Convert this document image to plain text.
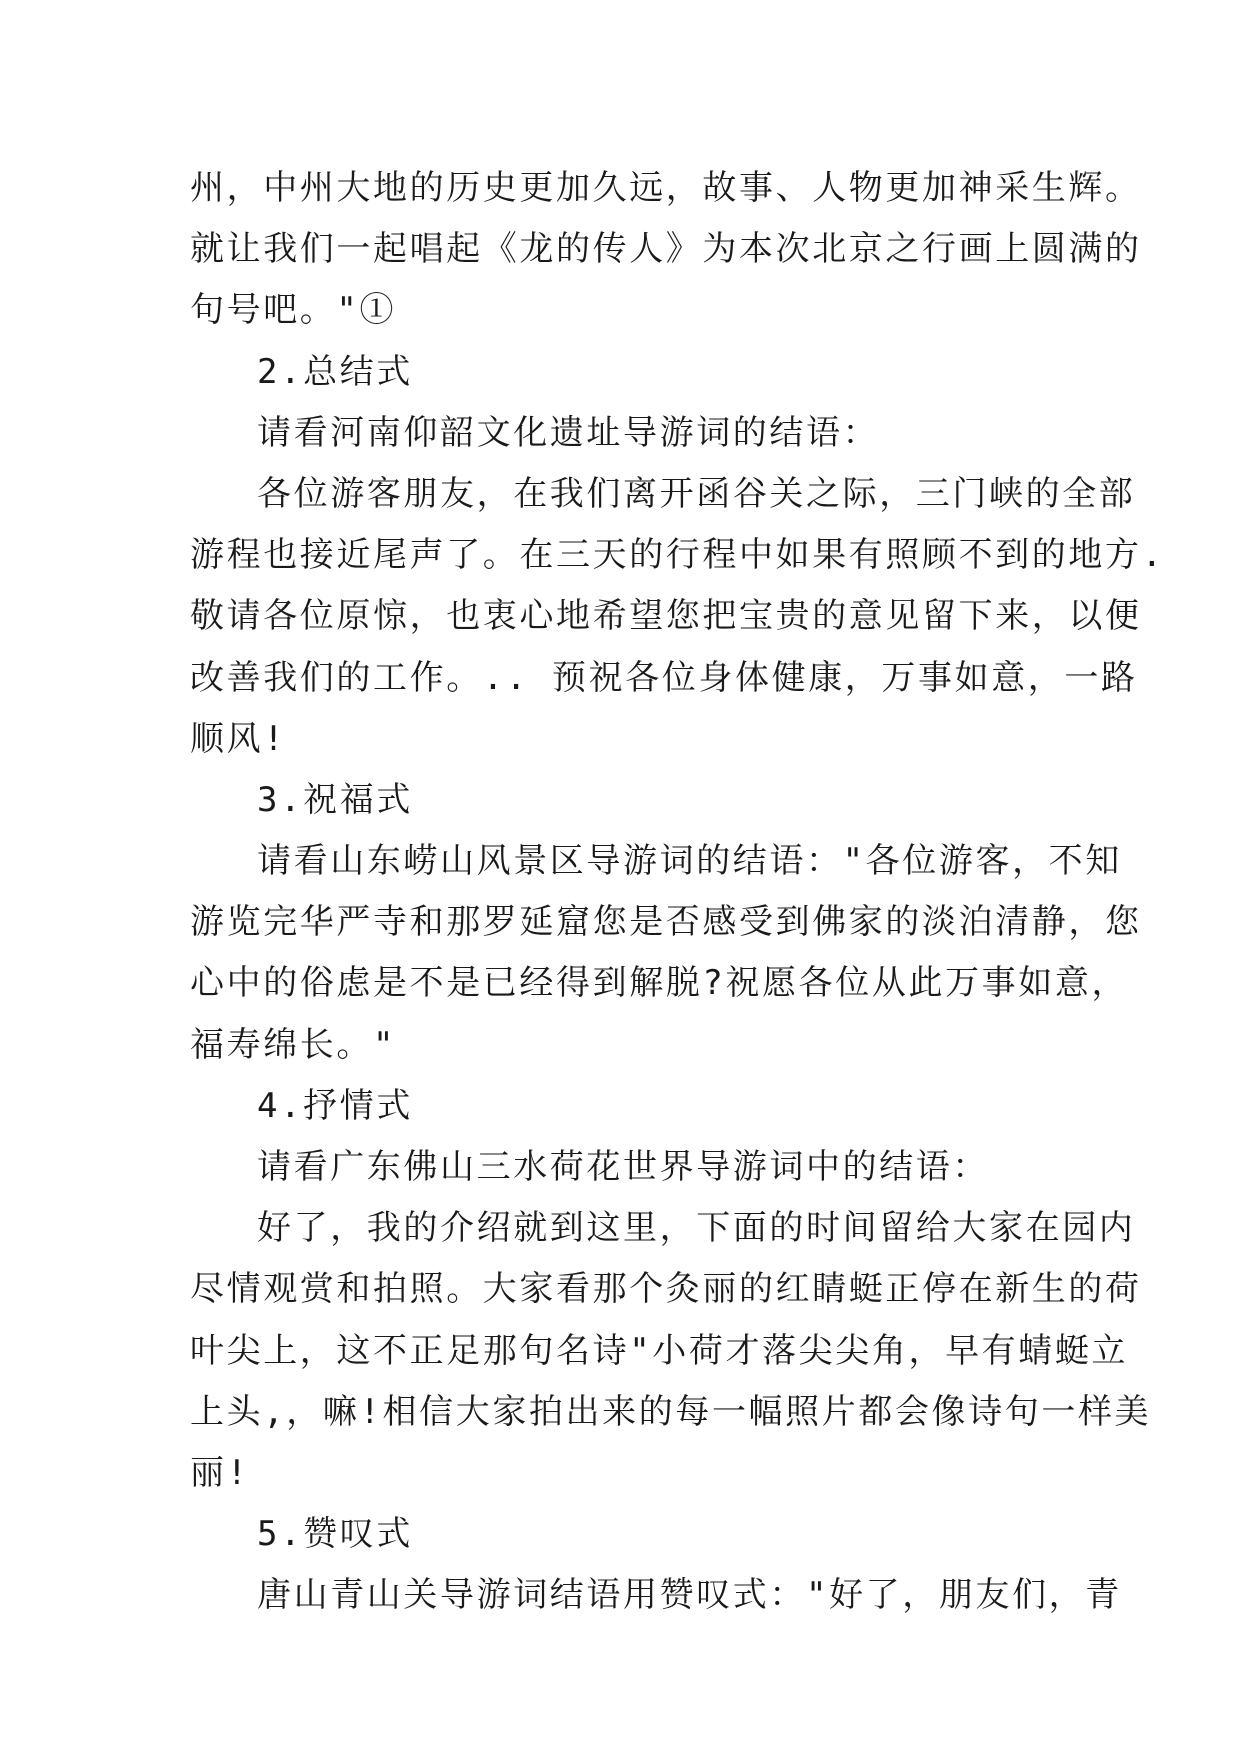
州，中州大地的历史更加久远，故事、人物更加神采生辉。
就让我们一起唱起《龙的传人》为本次北京之行画上圆满的
句号吧。"①
2.总结式
请看河南仰韶文化遗址导游词的结语：
各位游客朋友，在我们离开函谷关之际，三门峡的全部
游程也接近尾声了。在三天的行程中如果有照顾不到的地方.
敬请各位原惊，也衷心地希望您把宝贵的意见留下来，以便
改善我们的工作。.. 预祝各位身体健康，万事如意，一路
顺风!
3.祝福式
请看山东崂山风景区导游词的结语："各位游客，不知
游览完华严寺和那罗延窟您是否感受到佛家的淡泊清静，您
心中的俗虑是不是已经得到解脱?祝愿各位从此万事如意，
福寿绵长。"
4.抒情式
请看广东佛山三水荷花世界导游词中的结语：
好了，我的介绍就到这里，下面的时间留给大家在园内
尽情观赏和拍照。大家看那个灸丽的红睛蜓正停在新生的荷
叶尖上，这不正足那句名诗"小荷才落尖尖角，早有蜻蜓立
上头,，嘛!相信大家拍出来的每一幅照片都会像诗句一样美
丽!
5.赞叹式
唐山青山关导游词结语用赞叹式："好了，朋友们，青
